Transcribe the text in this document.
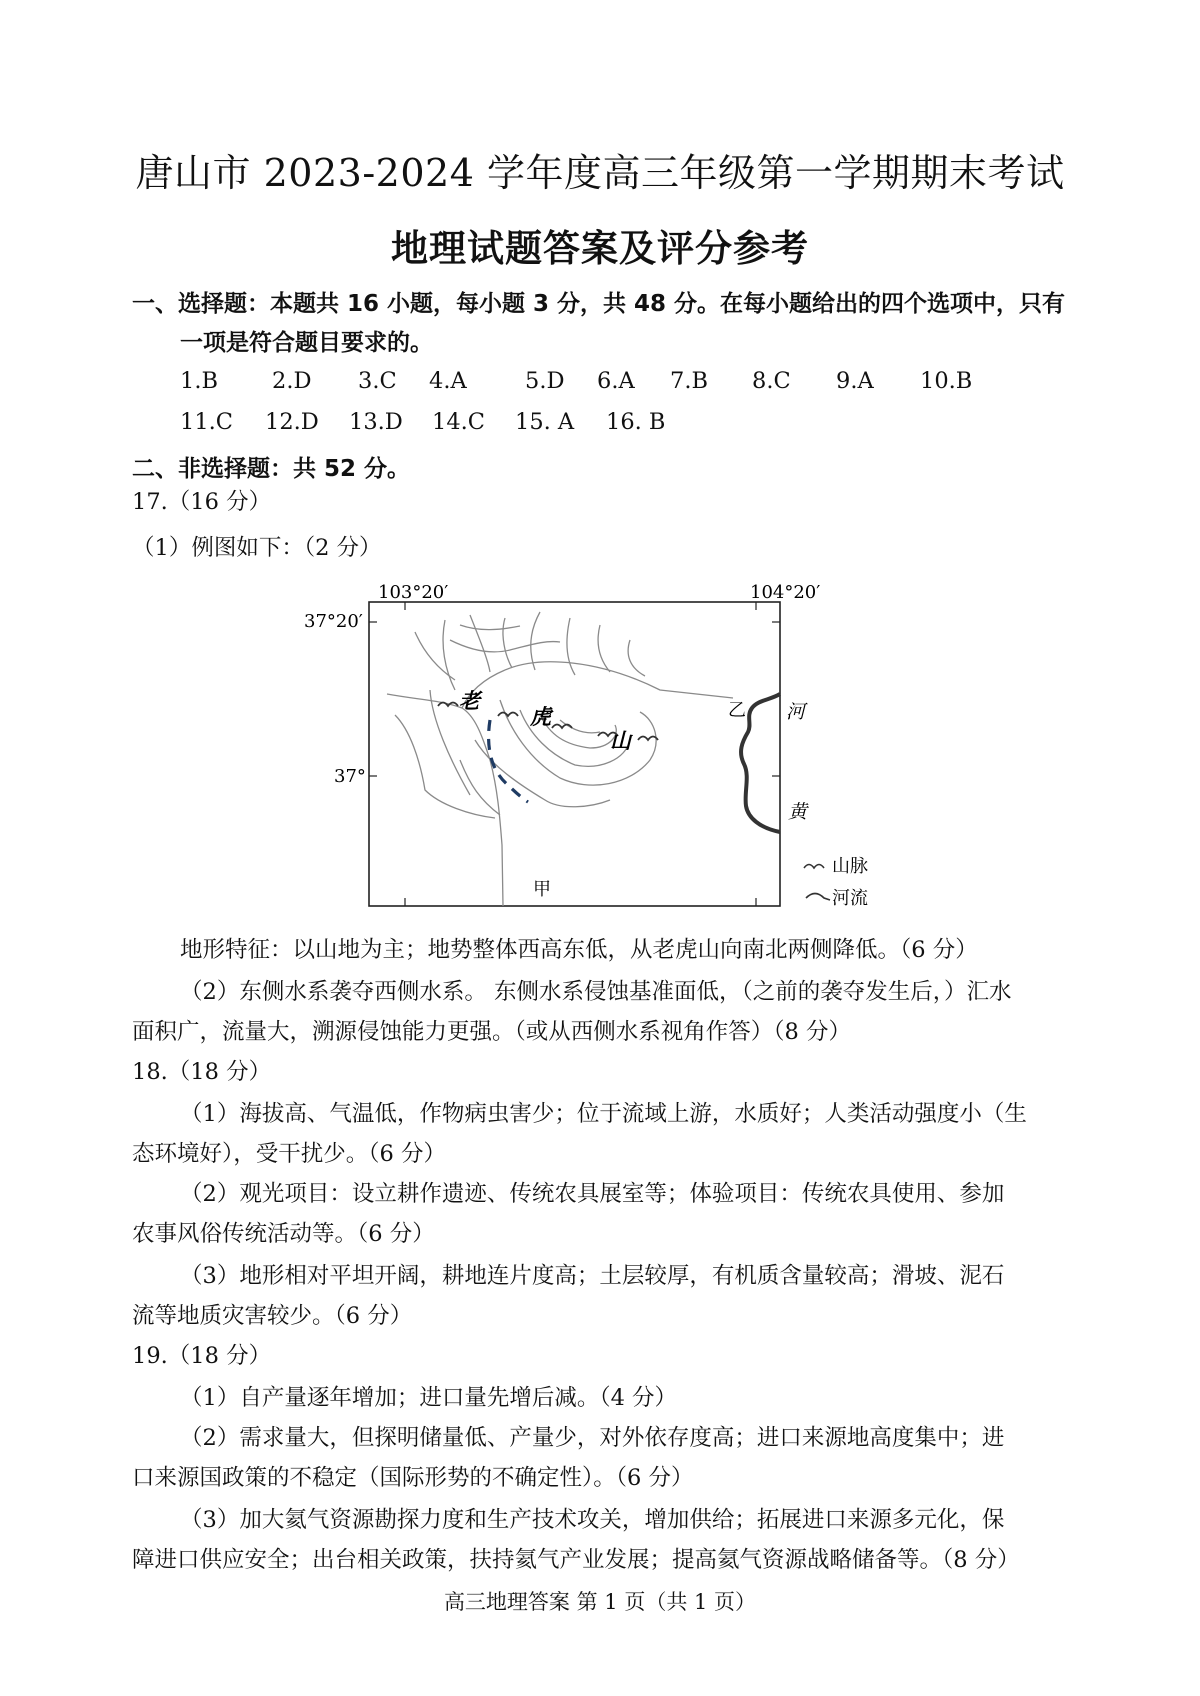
唐山市 2023-2024 学年度高三年级第一学期期末考试
地理试题答案及评分参考
一、选择题：本题共 16 小题，每小题 3 分，共 48 分。在每小题给出的四个选项中，只有
一项是符合题目要求的。
1.B 2.D 3.C 4.A	5.D 6.A 7.B 8.C 9.A 10.B
11.C 12.D 13.D 14.C 15. A 16. B
二、非选择题：共 52 分。
17.（16 分）
（1）例图如下：（2 分）
103°20′	104°20′
37°20′
37°
老
虎
山
河
黄
乙
甲
山脉
河流
地形特征：以山地为主；地势整体西高东低，从老虎山向南北两侧降低。（6 分）
（2）东侧水系袭夺西侧水系。 东侧水系侵蚀基准面低，（之前的袭夺发生后，）汇水
面积广，流量大，溯源侵蚀能力更强。（或从西侧水系视角作答）（8 分）
18.（18 分）
（1）海拔高、气温低，作物病虫害少；位于流域上游，水质好；人类活动强度小（生
态环境好），受干扰少。（6 分）
（2）观光项目：设立耕作遗迹、传统农具展室等；体验项目：传统农具使用、参加
农事风俗传统活动等。（6 分）
（3）地形相对平坦开阔，耕地连片度高；土层较厚，有机质含量较高；滑坡、泥石
流等地质灾害较少。（6 分）
19.（18 分）
（1）自产量逐年增加；进口量先增后减。（4 分）
（2）需求量大，但探明储量低、产量少，对外依存度高；进口来源地高度集中；进
口来源国政策的不稳定（国际形势的不确定性）。（6 分）
（3）加大氦气资源勘探力度和生产技术攻关，增加供给；拓展进口来源多元化，保
障进口供应安全；出台相关政策，扶持氦气产业发展；提高氦气资源战略储备等。（8 分）
高三地理答案 第 1 页（共 1 页）
